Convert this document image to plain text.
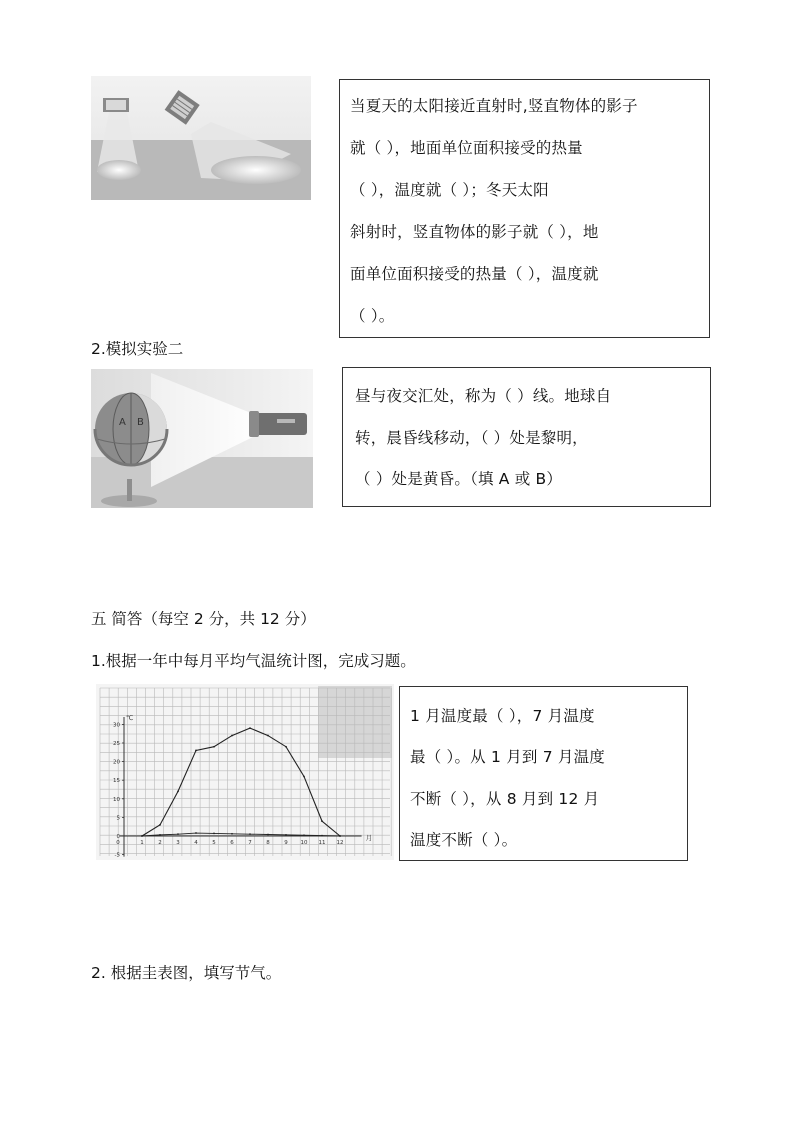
当夏天的太阳接近直射时,竖直物体的影子

就（ ），地面单位面积接受的热量

（ ），温度就（ ）；冬天太阳

斜射时，竖直物体的影子就（ ），地

面单位面积接受的热量（ ），温度就

（ ）。

2.模拟实验二
A B

昼与夜交汇处，称为（ ）线。地球自

转，晨昏线移动，（ ）处是黎明，

（ ）处是黄昏。（填 A 或 B）

五 简答（每空 2 分，共 12 分）
1.根据一年中每月平均气温统计图，完成习题。
-5
0
5
10
15
20
25
30
℃
0	1	2	3	4	5	6	7	8	9 10 11 12
月

1 月温度最（ ），7 月温度

最（ ）。从 1 月到 7 月温度

不断（ ），从 8 月到 12 月

温度不断（ ）。

2. 根据圭表图，填写节气。
